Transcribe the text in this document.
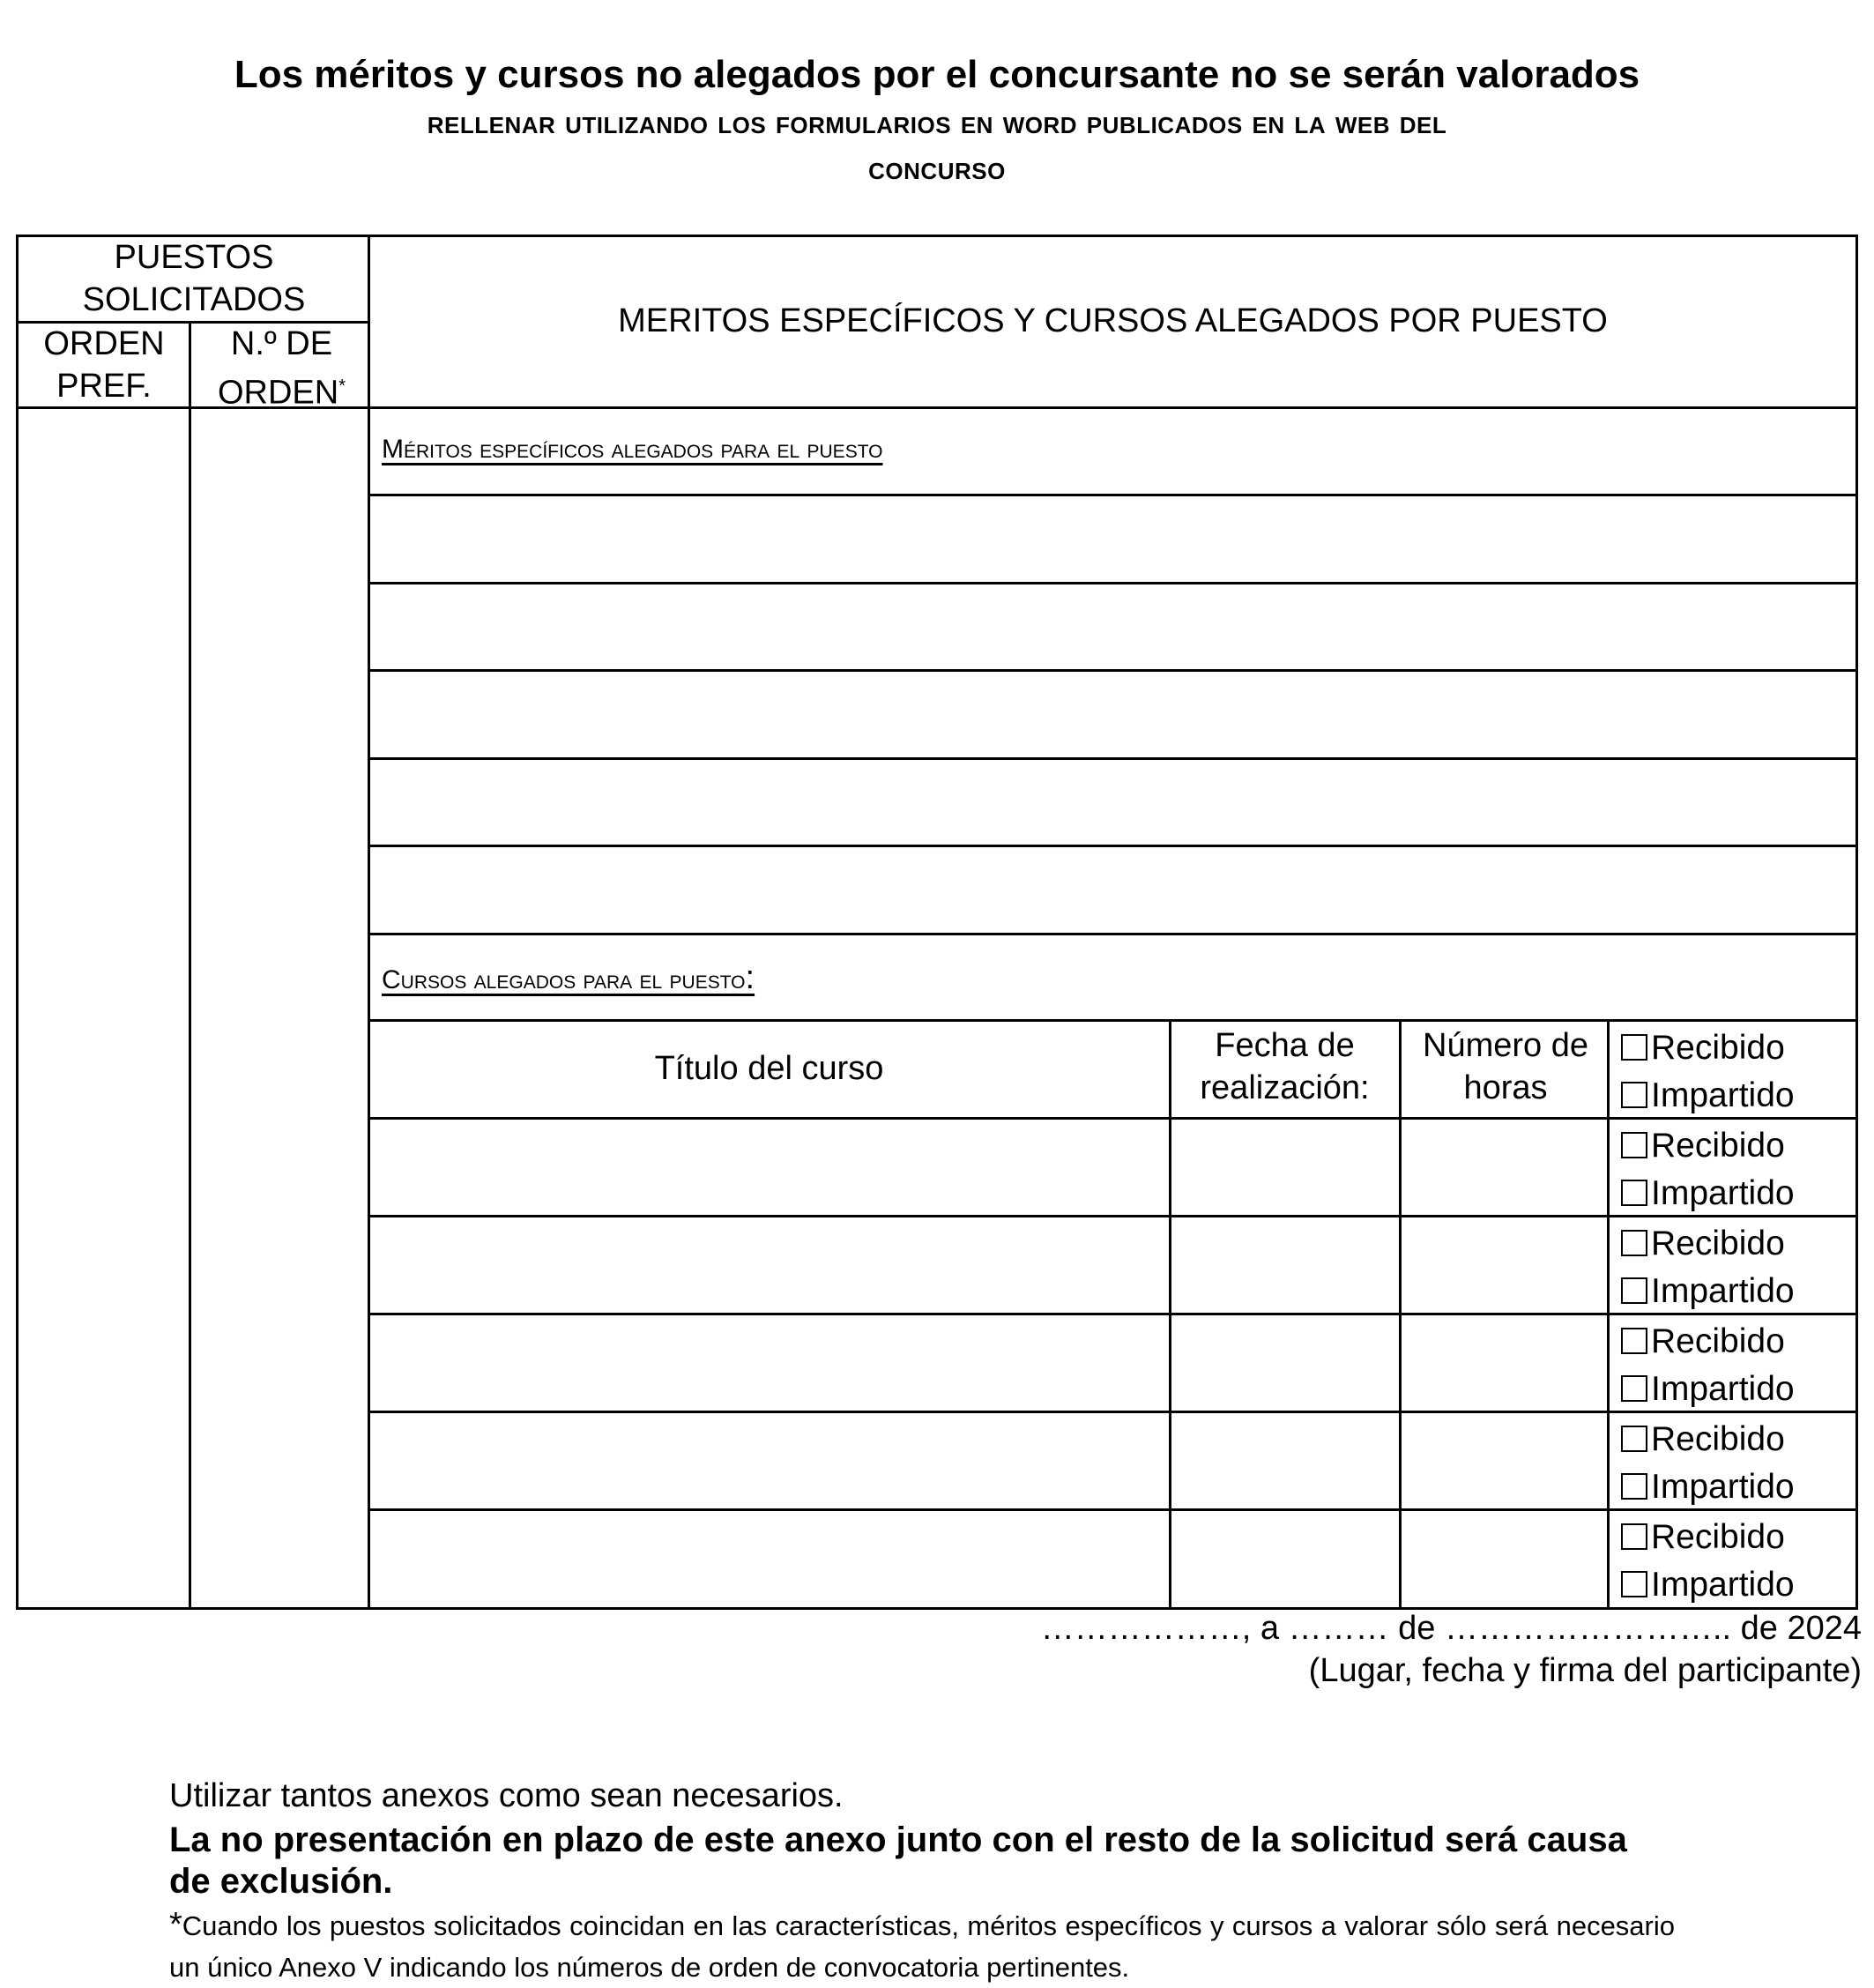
Los méritos y cursos no alegados por el concursante no se serán valorados
rellenar utilizando los formularios en word publicados en la web del
concurso
PUESTOS SOLICITADOS
ORDEN PREF.
N.º DE ORDEN*
MERITOS ESPECÍFICOS Y CURSOS ALEGADOS POR PUESTO
Méritos específicos alegados para el puesto
Cursos alegados para el puesto:
Título del curso
Fecha de realización:
Número de horas
Recibido
Impartido
Recibido
Impartido
Recibido
Impartido
Recibido
Impartido
Recibido
Impartido
Recibido
Impartido
………………, a ……… de …………………….. de 2024
(Lugar, fecha y firma del participante)
Utilizar tantos anexos como sean necesarios.
La no presentación en plazo de este anexo junto con el resto de la solicitud será causa de exclusión.
*Cuando los puestos solicitados coincidan en las características, méritos específicos y cursos a valorar sólo será necesario un único Anexo V indicando los números de orden de convocatoria pertinentes.
